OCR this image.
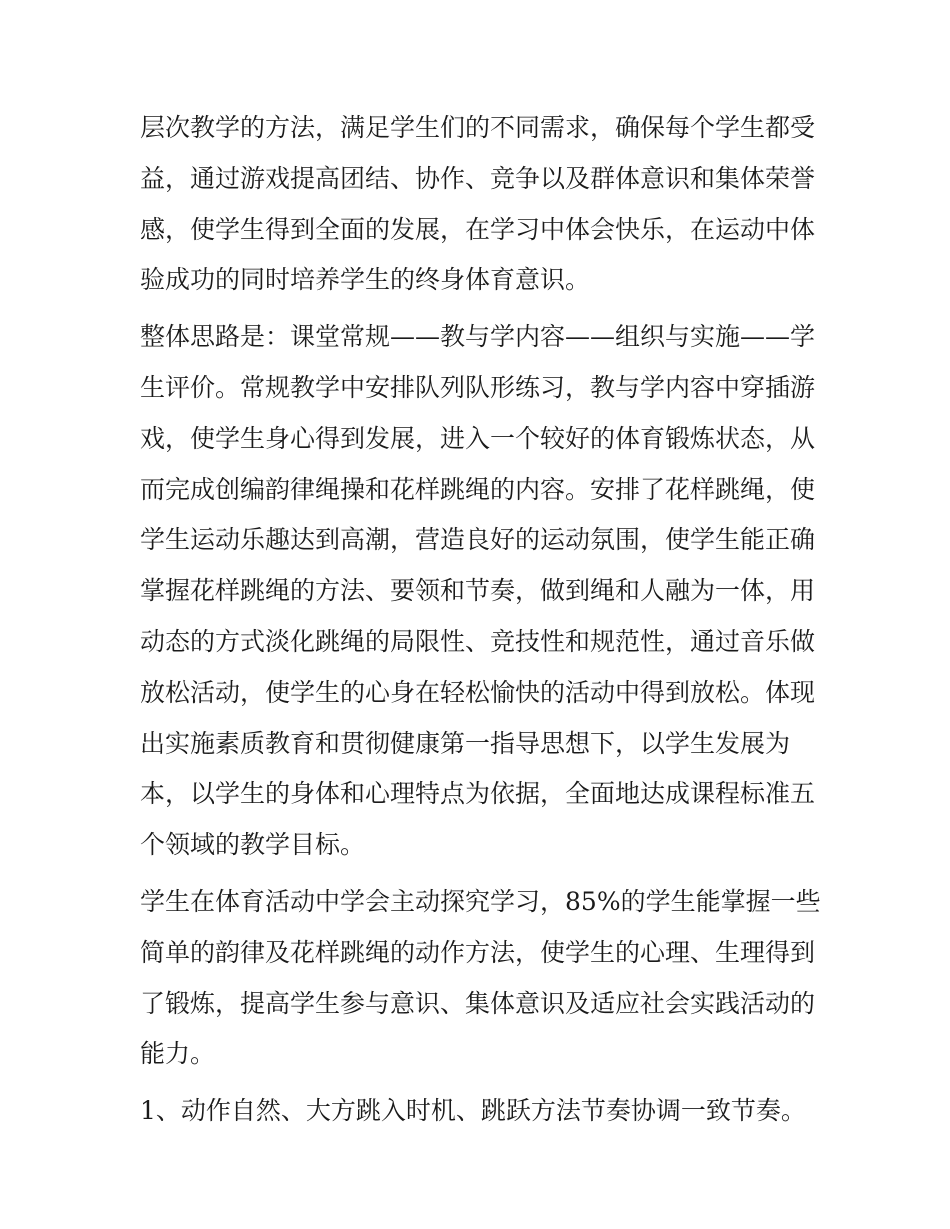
层次教学的方法，满足学生们的不同需求，确保每个学生都受
益，通过游戏提高团结、协作、竞争以及群体意识和集体荣誉
感，使学生得到全面的发展，在学习中体会快乐，在运动中体
验成功的同时培养学生的终身体育意识。
整体思路是：课堂常规——教与学内容——组织与实施——学
生评价。常规教学中安排队列队形练习，教与学内容中穿插游
戏，使学生身心得到发展，进入一个较好的体育锻炼状态，从
而完成创编韵律绳操和花样跳绳的内容。安排了花样跳绳，使
学生运动乐趣达到高潮，营造良好的运动氛围，使学生能正确
掌握花样跳绳的方法、要领和节奏，做到绳和人融为一体，用
动态的方式淡化跳绳的局限性、竞技性和规范性，通过音乐做
放松活动，使学生的心身在轻松愉快的活动中得到放松。体现
出实施素质教育和贯彻健康第一指导思想下，以学生发展为
本，以学生的身体和心理特点为依据，全面地达成课程标准五
个领域的教学目标。
学生在体育活动中学会主动探究学习，85%的学生能掌握一些
简单的韵律及花样跳绳的动作方法，使学生的心理、生理得到
了锻炼，提高学生参与意识、集体意识及适应社会实践活动的
能力。
1、动作自然、大方跳入时机、跳跃方法节奏协调一致节奏。
